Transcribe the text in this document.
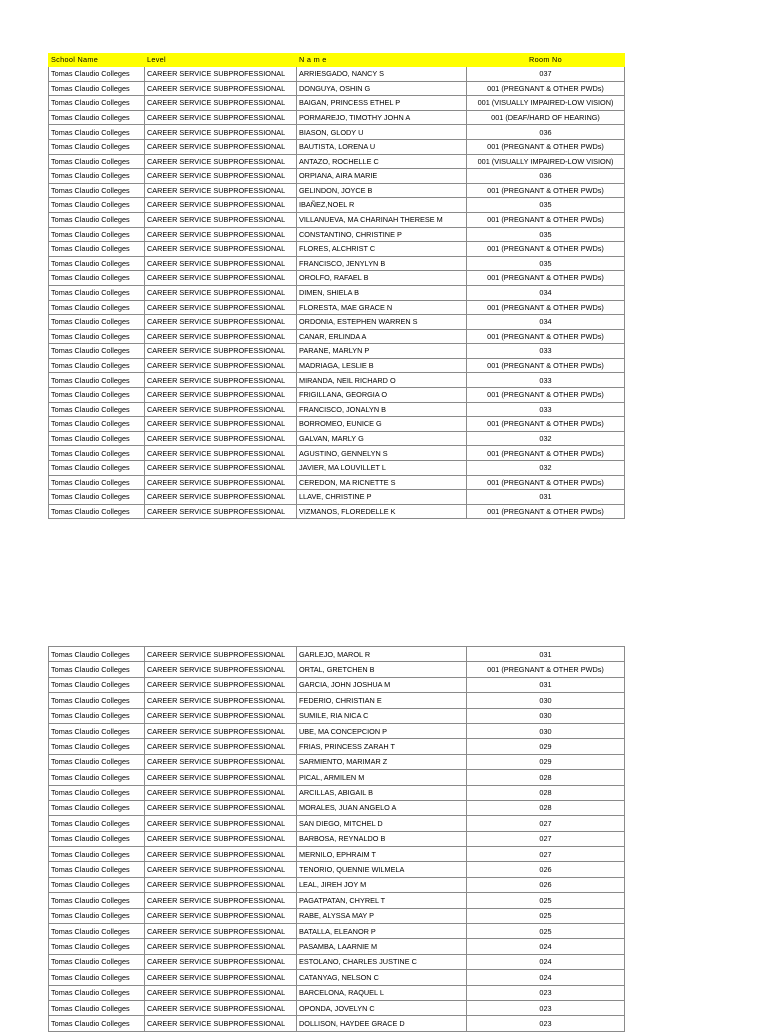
School Name	Level	N a m e	Room No
Tomas Claudio Colleges	CAREER SERVICE SUBPROFESSIONAL	ARRIESGADO, NANCY S	037
Tomas Claudio Colleges	CAREER SERVICE SUBPROFESSIONAL	DONGUYA, OSHIN G	001 (PREGNANT & OTHER PWDs)
Tomas Claudio Colleges	CAREER SERVICE SUBPROFESSIONAL	BAIGAN, PRINCESS ETHEL P	001 (VISUALLY IMPAIRED-LOW VISION)
Tomas Claudio Colleges	CAREER SERVICE SUBPROFESSIONAL	PORMAREJO, TIMOTHY JOHN A	001 (DEAF/HARD OF HEARING)
Tomas Claudio Colleges	CAREER SERVICE SUBPROFESSIONAL	BIASON, GLODY U	036
Tomas Claudio Colleges	CAREER SERVICE SUBPROFESSIONAL	BAUTISTA, LORENA U	001 (PREGNANT & OTHER PWDs)
Tomas Claudio Colleges	CAREER SERVICE SUBPROFESSIONAL	ANTAZO, ROCHELLE C	001 (VISUALLY IMPAIRED-LOW VISION)
Tomas Claudio Colleges	CAREER SERVICE SUBPROFESSIONAL	ORPIANA, AIRA MARIE	036
Tomas Claudio Colleges	CAREER SERVICE SUBPROFESSIONAL	GELINDON, JOYCE B	001 (PREGNANT & OTHER PWDs)
Tomas Claudio Colleges	CAREER SERVICE SUBPROFESSIONAL	IBAÑEZ,NOEL R	035
Tomas Claudio Colleges	CAREER SERVICE SUBPROFESSIONAL	VILLANUEVA, MA CHARINAH THERESE M	001 (PREGNANT & OTHER PWDs)
Tomas Claudio Colleges	CAREER SERVICE SUBPROFESSIONAL	CONSTANTINO, CHRISTINE P	035
Tomas Claudio Colleges	CAREER SERVICE SUBPROFESSIONAL	FLORES, ALCHRIST C	001 (PREGNANT & OTHER PWDs)
Tomas Claudio Colleges	CAREER SERVICE SUBPROFESSIONAL	FRANCISCO, JENYLYN B	035
Tomas Claudio Colleges	CAREER SERVICE SUBPROFESSIONAL	OROLFO, RAFAEL B	001 (PREGNANT & OTHER PWDs)
Tomas Claudio Colleges	CAREER SERVICE SUBPROFESSIONAL	DIMEN, SHIELA B	034
Tomas Claudio Colleges	CAREER SERVICE SUBPROFESSIONAL	FLORESTA, MAE GRACE N	001 (PREGNANT & OTHER PWDs)
Tomas Claudio Colleges	CAREER SERVICE SUBPROFESSIONAL	ORDONIA, ESTEPHEN WARREN S	034
Tomas Claudio Colleges	CAREER SERVICE SUBPROFESSIONAL	CANAR, ERLINDA A	001 (PREGNANT & OTHER PWDs)
Tomas Claudio Colleges	CAREER SERVICE SUBPROFESSIONAL	PARANE, MARLYN P	033
Tomas Claudio Colleges	CAREER SERVICE SUBPROFESSIONAL	MADRIAGA, LESLIE B	001 (PREGNANT & OTHER PWDs)
Tomas Claudio Colleges	CAREER SERVICE SUBPROFESSIONAL	MIRANDA, NEIL RICHARD O	033
Tomas Claudio Colleges	CAREER SERVICE SUBPROFESSIONAL	FRIGILLANA, GEORGIA O	001 (PREGNANT & OTHER PWDs)
Tomas Claudio Colleges	CAREER SERVICE SUBPROFESSIONAL	FRANCISCO, JONALYN B	033
Tomas Claudio Colleges	CAREER SERVICE SUBPROFESSIONAL	BORROMEO, EUNICE G	001 (PREGNANT & OTHER PWDs)
Tomas Claudio Colleges	CAREER SERVICE SUBPROFESSIONAL	GALVAN, MARLY G	032
Tomas Claudio Colleges	CAREER SERVICE SUBPROFESSIONAL	AGUSTINO, GENNELYN S	001 (PREGNANT & OTHER PWDs)
Tomas Claudio Colleges	CAREER SERVICE SUBPROFESSIONAL	JAVIER, MA LOUVILLET L	032
Tomas Claudio Colleges	CAREER SERVICE SUBPROFESSIONAL	CEREDON, MA RICNETTE S	001 (PREGNANT & OTHER PWDs)
Tomas Claudio Colleges	CAREER SERVICE SUBPROFESSIONAL	LLAVE, CHRISTINE P	031
Tomas Claudio Colleges	CAREER SERVICE SUBPROFESSIONAL	VIZMANOS, FLOREDELLE K	001 (PREGNANT & OTHER PWDs)
Tomas Claudio Colleges	CAREER SERVICE SUBPROFESSIONAL	GARLEJO, MAROL R	031
Tomas Claudio Colleges	CAREER SERVICE SUBPROFESSIONAL	ORTAL, GRETCHEN B	001 (PREGNANT & OTHER PWDs)
Tomas Claudio Colleges	CAREER SERVICE SUBPROFESSIONAL	GARCIA, JOHN JOSHUA M	031
Tomas Claudio Colleges	CAREER SERVICE SUBPROFESSIONAL	FEDERIO, CHRISTIAN E	030
Tomas Claudio Colleges	CAREER SERVICE SUBPROFESSIONAL	SUMILE, RIA NICA C	030
Tomas Claudio Colleges	CAREER SERVICE SUBPROFESSIONAL	UBE, MA CONCEPCION P	030
Tomas Claudio Colleges	CAREER SERVICE SUBPROFESSIONAL	FRIAS, PRINCESS ZARAH T	029
Tomas Claudio Colleges	CAREER SERVICE SUBPROFESSIONAL	SARMIENTO, MARIMAR Z	029
Tomas Claudio Colleges	CAREER SERVICE SUBPROFESSIONAL	PICAL, ARMILEN M	028
Tomas Claudio Colleges	CAREER SERVICE SUBPROFESSIONAL	ARCILLAS, ABIGAIL B	028
Tomas Claudio Colleges	CAREER SERVICE SUBPROFESSIONAL	MORALES, JUAN ANGELO A	028
Tomas Claudio Colleges	CAREER SERVICE SUBPROFESSIONAL	SAN DIEGO, MITCHEL D	027
Tomas Claudio Colleges	CAREER SERVICE SUBPROFESSIONAL	BARBOSA, REYNALDO B	027
Tomas Claudio Colleges	CAREER SERVICE SUBPROFESSIONAL	MERNILO, EPHRAIM T	027
Tomas Claudio Colleges	CAREER SERVICE SUBPROFESSIONAL	TENORIO, QUENNIE WILMELA	026
Tomas Claudio Colleges	CAREER SERVICE SUBPROFESSIONAL	LEAL, JIREH JOY M	026
Tomas Claudio Colleges	CAREER SERVICE SUBPROFESSIONAL	PAGATPATAN, CHYREL T	025
Tomas Claudio Colleges	CAREER SERVICE SUBPROFESSIONAL	RABE, ALYSSA MAY P	025
Tomas Claudio Colleges	CAREER SERVICE SUBPROFESSIONAL	BATALLA, ELEANOR P	025
Tomas Claudio Colleges	CAREER SERVICE SUBPROFESSIONAL	PASAMBA, LAARNIE M	024
Tomas Claudio Colleges	CAREER SERVICE SUBPROFESSIONAL	ESTOLANO, CHARLES JUSTINE C	024
Tomas Claudio Colleges	CAREER SERVICE SUBPROFESSIONAL	CATANYAG, NELSON C	024
Tomas Claudio Colleges	CAREER SERVICE SUBPROFESSIONAL	BARCELONA, RAQUEL L	023
Tomas Claudio Colleges	CAREER SERVICE SUBPROFESSIONAL	OPONDA, JOVELYN C	023
Tomas Claudio Colleges	CAREER SERVICE SUBPROFESSIONAL	DOLLISON, HAYDEE GRACE D	023
